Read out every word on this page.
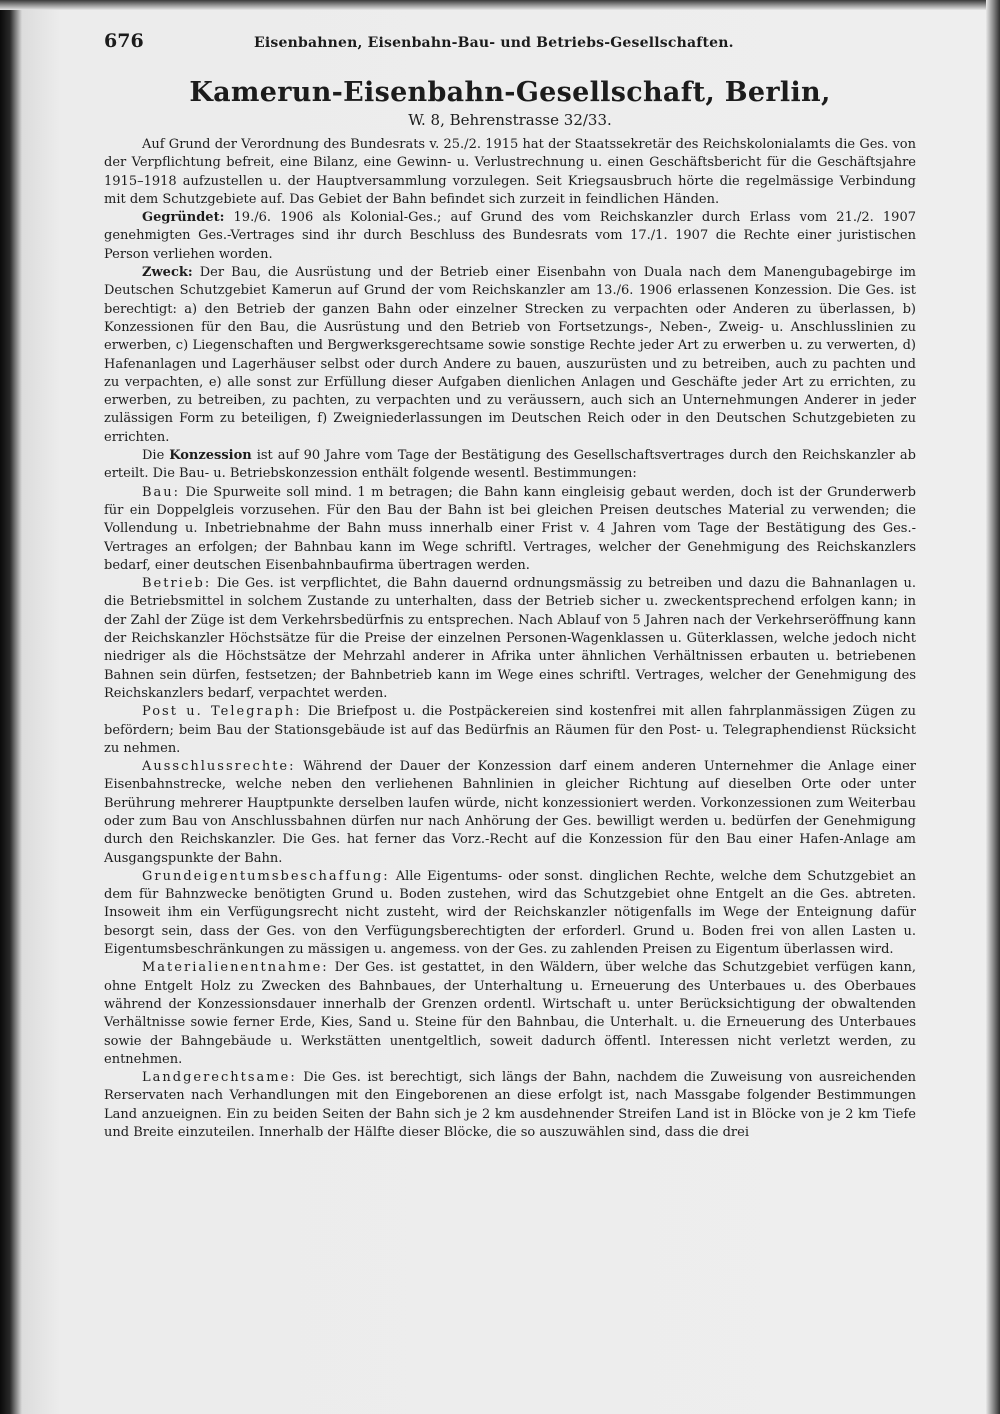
676	Eisenbahnen, Eisenbahn-Bau- und Betriebs-Gesellschaften.
Kamerun-Eisenbahn-Gesellschaft, Berlin,
W. 8, Behrenstrasse 32/33.

Auf Grund der Verordnung des Bundesrats v. 25./2. 1915 hat der Staatssekretär des Reichskolonialamts die Ges. von der Verpflichtung befreit, eine Bilanz, eine Gewinn- u. Verlustrechnung u. einen Geschäftsbericht für die Geschäftsjahre 1915–1918 aufzustellen u. der Hauptversammlung vorzulegen. Seit Kriegsausbruch hörte die regelmässige Verbindung mit dem Schutzgebiete auf. Das Gebiet der Bahn befindet sich zurzeit in feindlichen Händen.

Gegründet: 19./6. 1906 als Kolonial-Ges.; auf Grund des vom Reichskanzler durch Erlass vom 21./2. 1907 genehmigten Ges.-Vertrages sind ihr durch Beschluss des Bundesrats vom 17./1. 1907 die Rechte einer juristischen Person verliehen worden.

Zweck: Der Bau, die Ausrüstung und der Betrieb einer Eisenbahn von Duala nach dem Manengubagebirge im Deutschen Schutzgebiet Kamerun auf Grund der vom Reichskanzler am 13./6. 1906 erlassenen Konzession. Die Ges. ist berechtigt: a) den Betrieb der ganzen Bahn oder einzelner Strecken zu verpachten oder Anderen zu überlassen, b) Konzessionen für den Bau, die Ausrüstung und den Betrieb von Fortsetzungs-, Neben-, Zweig- u. Anschlusslinien zu erwerben, c) Liegenschaften und Bergwerksgerechtsame sowie sonstige Rechte jeder Art zu erwerben u. zu verwerten, d) Hafenanlagen und Lagerhäuser selbst oder durch Andere zu bauen, auszurüsten und zu betreiben, auch zu pachten und zu verpachten, e) alle sonst zur Erfüllung dieser Aufgaben dienlichen Anlagen und Geschäfte jeder Art zu errichten, zu erwerben, zu betreiben, zu pachten, zu verpachten und zu veräussern, auch sich an Unternehmungen Anderer in jeder zulässigen Form zu beteiligen, f) Zweigniederlassungen im Deutschen Reich oder in den Deutschen Schutzgebieten zu errichten.

Die Konzession ist auf 90 Jahre vom Tage der Bestätigung des Gesellschaftsvertrages durch den Reichskanzler ab erteilt. Die Bau- u. Betriebskonzession enthält folgende wesentl. Bestimmungen:

Bau: Die Spurweite soll mind. 1 m betragen; die Bahn kann eingleisig gebaut werden, doch ist der Grunderwerb für ein Doppelgleis vorzusehen. Für den Bau der Bahn ist bei gleichen Preisen deutsches Material zu verwenden; die Vollendung u. Inbetriebnahme der Bahn muss innerhalb einer Frist v. 4 Jahren vom Tage der Bestätigung des Ges.-Vertrages an erfolgen; der Bahnbau kann im Wege schriftl. Vertrages, welcher der Genehmigung des Reichskanzlers bedarf, einer deutschen Eisenbahnbaufirma übertragen werden.

Betrieb: Die Ges. ist verpflichtet, die Bahn dauernd ordnungsmässig zu betreiben und dazu die Bahnanlagen u. die Betriebsmittel in solchem Zustande zu unterhalten, dass der Betrieb sicher u. zweckentsprechend erfolgen kann; in der Zahl der Züge ist dem Verkehrsbedürfnis zu entsprechen. Nach Ablauf von 5 Jahren nach der Verkehrseröffnung kann der Reichskanzler Höchstsätze für die Preise der einzelnen Personen-Wagenklassen u. Güterklassen, welche jedoch nicht niedriger als die Höchstsätze der Mehrzahl anderer in Afrika unter ähnlichen Verhältnissen erbauten u. betriebenen Bahnen sein dürfen, festsetzen; der Bahnbetrieb kann im Wege eines schriftl. Vertrages, welcher der Genehmigung des Reichskanzlers bedarf, verpachtet werden.

Post u. Telegraph: Die Briefpost u. die Postpäckereien sind kostenfrei mit allen fahrplanmässigen Zügen zu befördern; beim Bau der Stationsgebäude ist auf das Bedürfnis an Räumen für den Post- u. Telegraphendienst Rücksicht zu nehmen.

Ausschlussrechte: Während der Dauer der Konzession darf einem anderen Unternehmer die Anlage einer Eisenbahnstrecke, welche neben den verliehenen Bahnlinien in gleicher Richtung auf dieselben Orte oder unter Berührung mehrerer Hauptpunkte derselben laufen würde, nicht konzessioniert werden. Vorkonzessionen zum Weiterbau oder zum Bau von Anschlussbahnen dürfen nur nach Anhörung der Ges. bewilligt werden u. bedürfen der Genehmigung durch den Reichskanzler. Die Ges. hat ferner das Vorz.-Recht auf die Konzession für den Bau einer Hafen-Anlage am Ausgangspunkte der Bahn.

Grundeigentumsbeschaffung: Alle Eigentums- oder sonst. dinglichen Rechte, welche dem Schutzgebiet an dem für Bahnzwecke benötigten Grund u. Boden zustehen, wird das Schutzgebiet ohne Entgelt an die Ges. abtreten. Insoweit ihm ein Verfügungsrecht nicht zusteht, wird der Reichskanzler nötigenfalls im Wege der Enteignung dafür besorgt sein, dass der Ges. von den Verfügungsberechtigten der erforderl. Grund u. Boden frei von allen Lasten u. Eigentumsbeschränkungen zu mässigen u. angemess. von der Ges. zu zahlenden Preisen zu Eigentum überlassen wird.

Materialienentnahme: Der Ges. ist gestattet, in den Wäldern, über welche das Schutzgebiet verfügen kann, ohne Entgelt Holz zu Zwecken des Bahnbaues, der Unterhaltung u. Erneuerung des Unterbaues u. des Oberbaues während der Konzessionsdauer innerhalb der Grenzen ordentl. Wirtschaft u. unter Berücksichtigung der obwaltenden Verhältnisse sowie ferner Erde, Kies, Sand u. Steine für den Bahnbau, die Unterhalt. u. die Erneuerung des Unterbaues sowie der Bahngebäude u. Werkstätten unentgeltlich, soweit dadurch öffentl. Interessen nicht verletzt werden, zu entnehmen.

Landgerechtsame: Die Ges. ist berechtigt, sich längs der Bahn, nachdem die Zuweisung von ausreichenden Rerservaten nach Verhandlungen mit den Eingeborenen an diese erfolgt ist, nach Massgabe folgender Bestimmungen Land anzueignen. Ein zu beiden Seiten der Bahn sich je 2 km ausdehnender Streifen Land ist in Blöcke von je 2 km Tiefe und Breite einzuteilen. Innerhalb der Hälfte dieser Blöcke, die so auszuwählen sind, dass die drei
